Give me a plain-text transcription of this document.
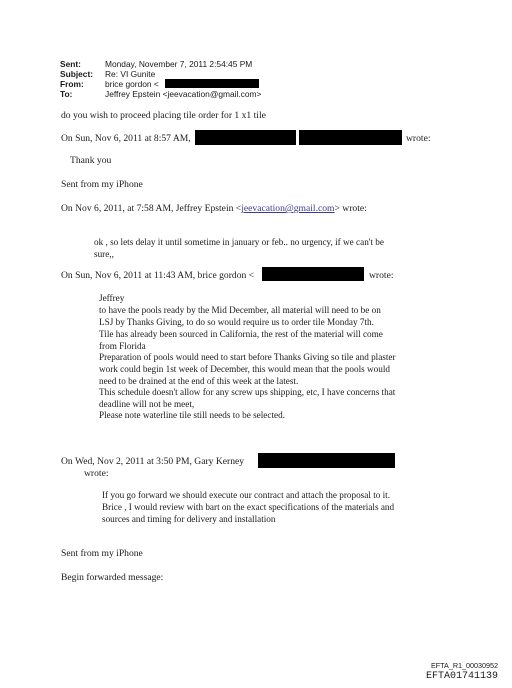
Sent:	Monday, November 7, 2011 2:54:45 PM
Subject: Re: VI Gunite
From:	brice gordon <
To:	Jeffrey Epstein <jeevacation@gmail.com>
do you wish to proceed placing tile order for 1 x1 tile
On Sun, Nov 6, 2011 at 8:57 AM,	wrote:
Thank you
Sent from my iPhone
On Nov 6, 2011, at 7:58 AM, Jeffrey Epstein <jeevacation@gmail.com> wrote:
ok , so lets delay it until sometime in january or feb.. no urgency, if we can't be
sure,,
On Sun, Nov 6, 2011 at 11:43 AM, brice gordon <	wrote:
Jeffrey
to have the pools ready by the Mid December, all material will need to be on
LSJ by Thanks Giving, to do so would require us to order tile Monday 7th.
Tile has already been sourced in California, the rest of the material will come
from Florida
Preparation of pools would need to start before Thanks Giving so tile and plaster
work could begin 1st week of December, this would mean that the pools would
need to be drained at the end of this week at the latest.
This schedule doesn't allow for any screw ups shipping, etc, I have concerns that
deadline will not be meet,
Please note waterline tile still needs to be selected.
On Wed, Nov 2, 2011 at 3:50 PM, Gary Kerney
wrote:
If you go forward we should execute our contract and attach the proposal to it.
Brice , I would review with bart on the exact specifications of the materials and
sources and timing for delivery and installation
Sent from my iPhone
Begin forwarded message:
EFTA_R1_00030952
EFTA01741139
